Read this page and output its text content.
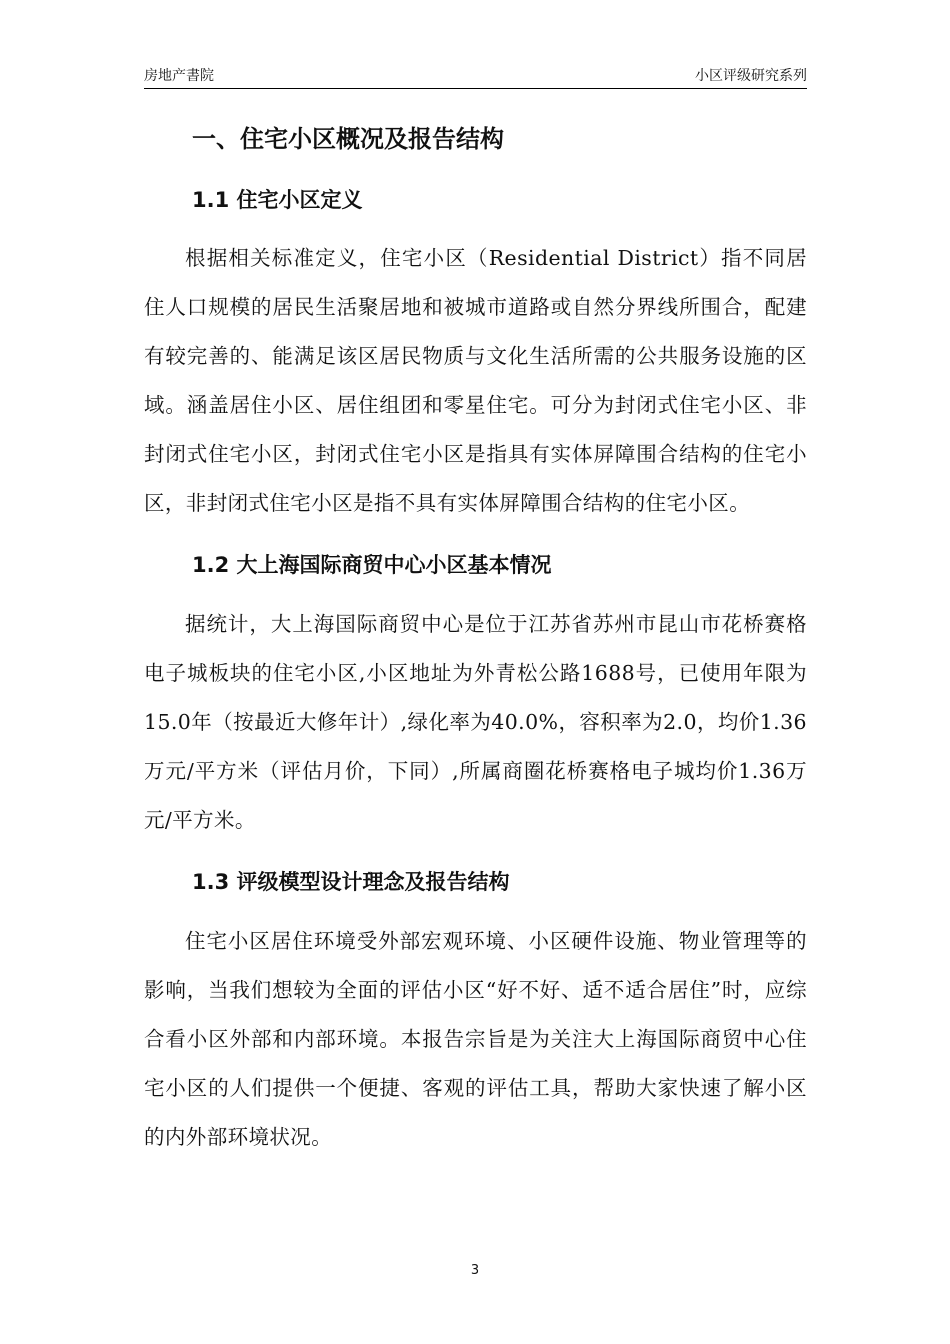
房地产書院	小区评级研究系列
一、住宅小区概况及报告结构
1.1 住宅小区定义

根据相关标准定义，住宅小区（Residential District）指不同居住人口规模的居民生活聚居地和被城市道路或自然分界线所围合，配建有较完善的、能满足该区居民物质与文化生活所需的公共服务设施的区域。涵盖居住小区、居住组团和零星住宅。可分为封闭式住宅小区、非封闭式住宅小区，封闭式住宅小区是指具有实体屏障围合结构的住宅小区，非封闭式住宅小区是指不具有实体屏障围合结构的住宅小区。

1.2 大上海国际商贸中心小区基本情况

据统计，大上海国际商贸中心是位于江苏省苏州市昆山市花桥赛格电子城板块的住宅小区,小区地址为外青松公路1688号，已使用年限为15.0年（按最近大修年计）,绿化率为40.0%，容积率为2.0，均价1.36万元/平方米（评估月价，下同）,所属商圈花桥赛格电子城均价1.36万元/平方米。

1.3 评级模型设计理念及报告结构

住宅小区居住环境受外部宏观环境、小区硬件设施、物业管理等的影响，当我们想较为全面的评估小区“好不好、适不适合居住”时，应综合看小区外部和内部环境。本报告宗旨是为关注大上海国际商贸中心住宅小区的人们提供一个便捷、客观的评估工具，帮助大家快速了解小区的内外部环境状况。

3
